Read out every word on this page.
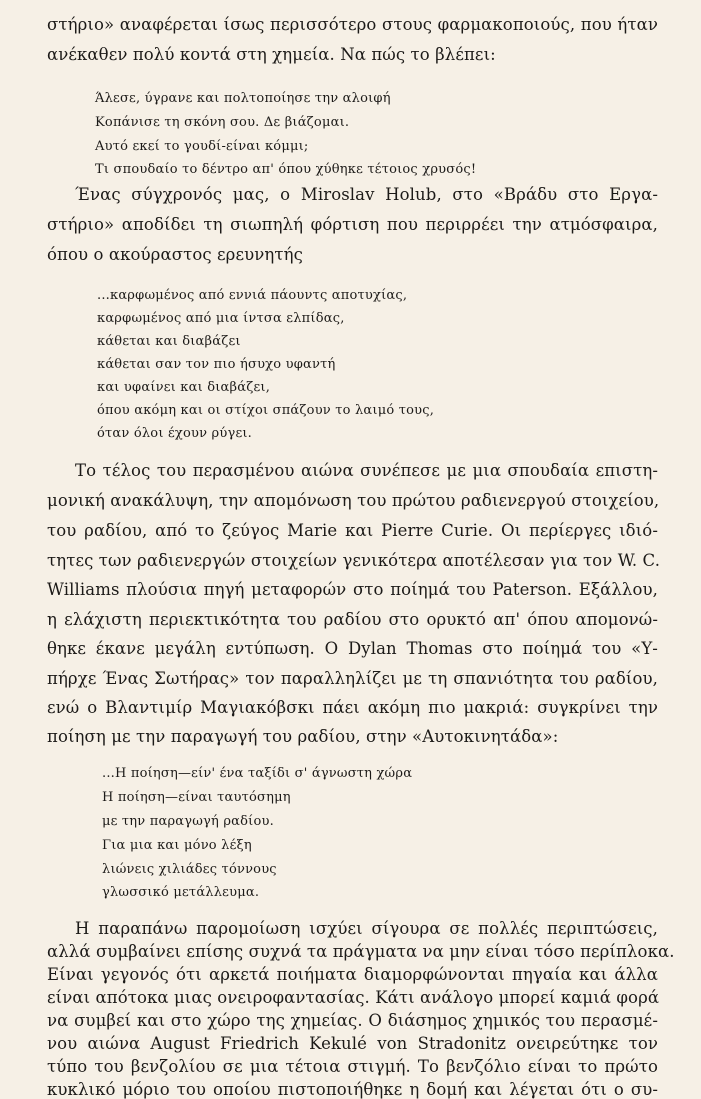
στήριο» αναφέρεται ίσως περισσότερο στους φαρμακοποιούς, που ήταν
ανέκαθεν πολύ κοντά στη χημεία. Να πώς το βλέπει:
Άλεσε, ύγρανε και πολτοποίησε την αλοιφή
Κοπάνισε τη σκόνη σου. Δε βιάζομαι.
Αυτό εκεί το γουδί-είναι κόμμι;
Τι σπουδαίο το δέντρο απ' όπου χύθηκε τέτοιος χρυσός!
Ένας σύγχρονός μας, ο Miroslav Holub, στο «Βράδυ στο Εργα-
στήριο» αποδίδει τη σιωπηλή φόρτιση που περιρρέει την ατμόσφαιρα,
όπου ο ακούραστος ερευνητής
...καρφωμένος από εννιά πάουντς αποτυχίας,
καρφωμένος από μια ίντσα ελπίδας,
κάθεται και διαβάζει
κάθεται σαν τον πιο ήσυχο υφαντή
και υφαίνει και διαβάζει,
όπου ακόμη και οι στίχοι σπάζουν το λαιμό τους,
όταν όλοι έχουν ρύγει.
Το τέλος του περασμένου αιώνα συνέπεσε με μια σπουδαία επιστη-
μονική ανακάλυψη, την απομόνωση του πρώτου ραδιενεργού στοιχείου,
του ραδίου, από το ζεύγος Marie και Pierre Curie. Οι περίεργες ιδιό-
τητες των ραδιενεργών στοιχείων γενικότερα αποτέλεσαν για τον W. C.
Williams πλούσια πηγή μεταφορών στο ποίημά του Paterson. Εξάλλου,
η ελάχιστη περιεκτικότητα του ραδίου στο ορυκτό απ' όπου απομονώ-
θηκε έκανε μεγάλη εντύπωση. Ο Dylan Thomas στο ποίημά του «Υ-
πήρχε Ένας Σωτήρας» τον παραλληλίζει με τη σπανιότητα του ραδίου,
ενώ ο Βλαντιμίρ Μαγιακόβσκι πάει ακόμη πιο μακριά: συγκρίνει την
ποίηση με την παραγωγή του ραδίου, στην «Αυτοκινητάδα»:
...Η ποίηση—είν' ένα ταξίδι σ' άγνωστη χώρα
Η ποίηση—είναι ταυτόσημη
με την παραγωγή ραδίου.
Για μια και μόνο λέξη
λιώνεις χιλιάδες τόννους
γλωσσικό μετάλλευμα.
Η παραπάνω παρομοίωση ισχύει σίγουρα σε πολλές περιπτώσεις,
αλλά συμβαίνει επίσης συχνά τα πράγματα να μην είναι τόσο περίπλοκα.
Είναι γεγονός ότι αρκετά ποιήματα διαμορφώνονται πηγαία και άλλα
είναι απότοκα μιας ονειροφαντασίας. Κάτι ανάλογο μπορεί καμιά φορά
να συμβεί και στο χώρο της χημείας. Ο διάσημος χημικός του περασμέ-
νου αιώνα August Friedrich Kekulé von Stradonitz ονειρεύτηκε τον
τύπο του βενζολίου σε μια τέτοια στιγμή. Το βενζόλιο είναι το πρώτο
κυκλικό μόριο του οποίου πιστοποιήθηκε η δομή και λέγεται ότι ο συ-
